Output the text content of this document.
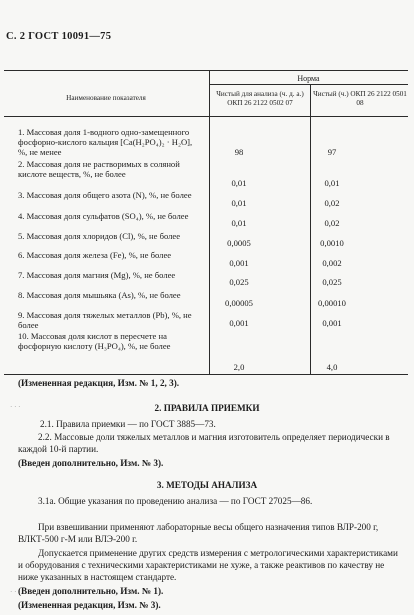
С. 2 ГОСТ 10091—75
Наименование показателя
Норма
Чистый для анализа (ч. д. а.) ОКП 26 2122 0502 07
Чистый (ч.) ОКП 26 2122 0501 08
1. Массовая доля 1-водного одно-замещенного фосфорно-кислого кальция [Ca(H₂PO₄)₂ · H₂O], %, не менее	98	97
2. Массовая доля не растворимых в соляной кислоте веществ, %, не более
0,01	0,01
3. Массовая доля общего азота (N), %, не более
0,01	0,02
4. Массовая доля сульфатов (SO₄), %, не более
0,01	0,02
5. Массовая доля хлоридов (Cl), %, не более
0,0005	0,0010
6. Массовая доля железа (Fe), %, не более
0,001	0,002
7. Массовая доля магния (Mg), %, не более
0,025	0,025
8. Массовая доля мышьяка (As), %, не более
0,00005	0,00010
9. Массовая доля тяжелых металлов (Pb), %, не более	0,001	0,001
10. Массовая доля кислот в пересчете на фосфорную кислоту (H₃PO₄), %, не более
2,0	4,0
(Измененная редакция, Изм. № 1, 2, 3).
· · ·
· · ·
2. ПРАВИЛА ПРИЕМКИ
2.1. Правила приемки — по ГОСТ 3885—73.
2.2. Массовые доли тяжелых металлов и магния изготовитель определяет периодически в каждой 10-й партии.
(Введен дополнительно, Изм. № 3).
3. МЕТОДЫ АНАЛИЗА
3.1а. Общие указания по проведению анализа — по ГОСТ 27025—86.
При взвешивании применяют лабораторные весы общего назначения типов ВЛР-200 г, ВЛКТ-500 г-М или ВЛЭ-200 г.
Допускается применение других средств измерения с метрологическими характеристиками и оборудования с техническими характеристиками не хуже, а также реактивов по качеству не ниже указанных в настоящем стандарте.
(Введен дополнительно, Изм. № 1).
(Измененная редакция, Изм. № 3).
